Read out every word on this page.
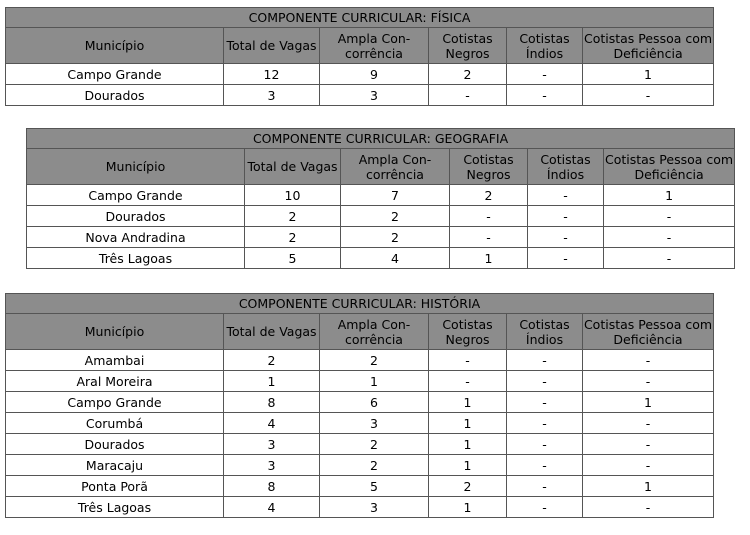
COMPONENTE CURRICULAR: FÍSICA					
Município	Total de Vagas	Ampla Con- corrência	Cotistas Negros	Cotistas Índios	Cotistas Pessoa com Deficiência
Campo Grande	12	9	2	-	1
Dourados	3	3	-	-	-
COMPONENTE CURRICULAR: GEOGRAFIA					
Município	Total de Vagas	Ampla Con- corrência	Cotistas Negros	Cotistas Índios	Cotistas Pessoa com Deficiência
Campo Grande	10	7	2	-	1
Dourados	2	2	-	-	-
Nova Andradina	2	2	-	-	-
Três Lagoas	5	4	1	-	-
COMPONENTE CURRICULAR: HISTÓRIA					
Município	Total de Vagas	Ampla Con- corrência	Cotistas Negros	Cotistas Índios	Cotistas Pessoa com Deficiência
Amambai	2	2	-	-	-
Aral Moreira	1	1	-	-	-
Campo Grande	8	6	1	-	1
Corumbá	4	3	1	-	-
Dourados	3	2	1	-	-
Maracaju	3	2	1	-	-
Ponta Porã	8	5	2	-	1
Três Lagoas	4	3	1	-	-
